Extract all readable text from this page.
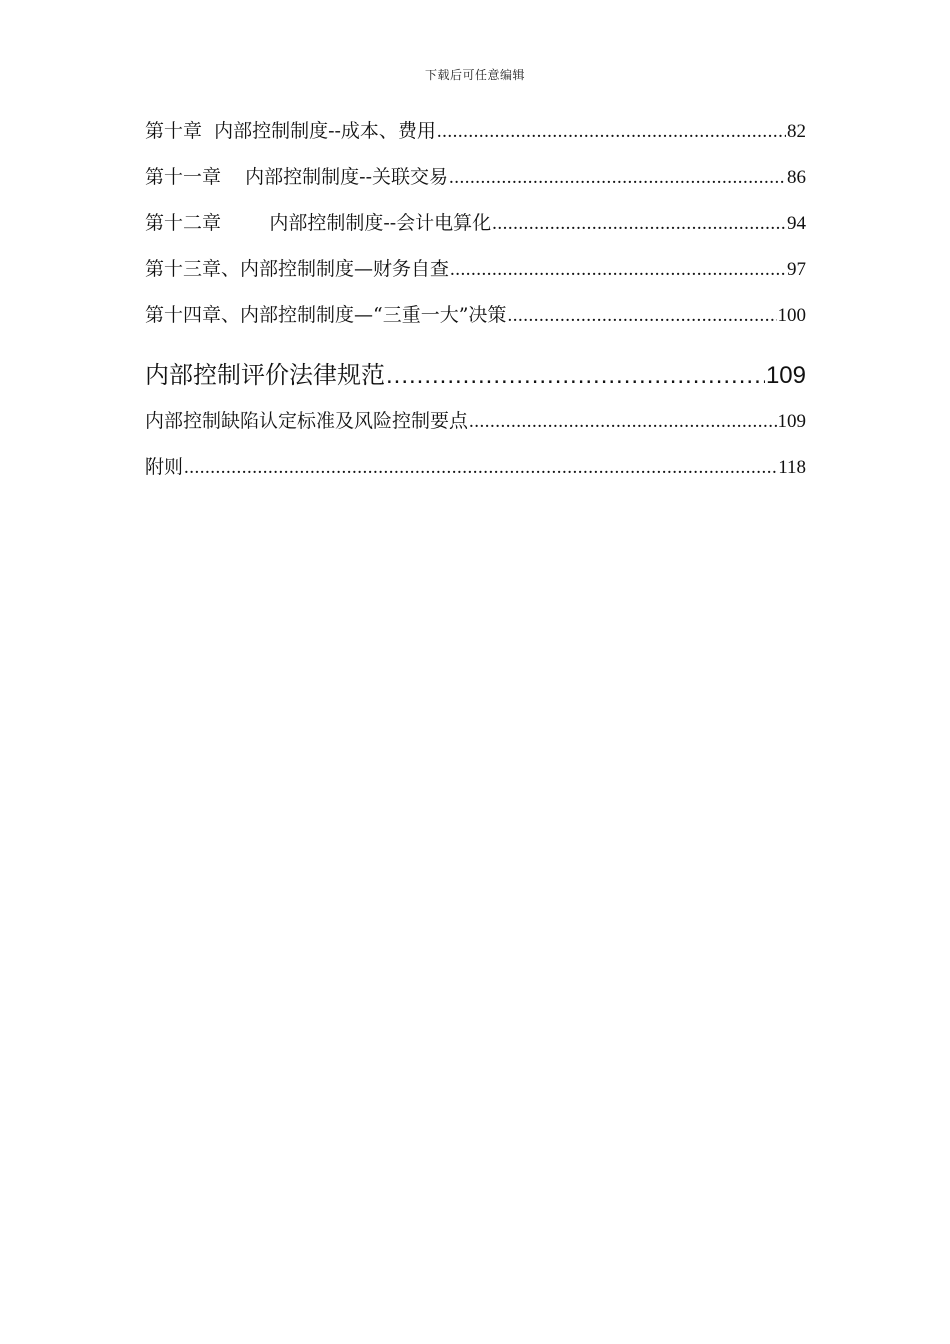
下载后可任意编辑
第十章  内部控制制度--成本、费用 .....	82
第十一章    内部控制制度--关联交易 .....	86
第十二章        内部控制制度--会计电算化 .....	94
第十三章、内部控制制度—财务自查 .....	97
第十四章、内部控制制度—“三重一大”决策 .....	100
内部控制评价法律规范 .....	109
内部控制缺陷认定标准及风险控制要点 .....	109
附则 .....	118
